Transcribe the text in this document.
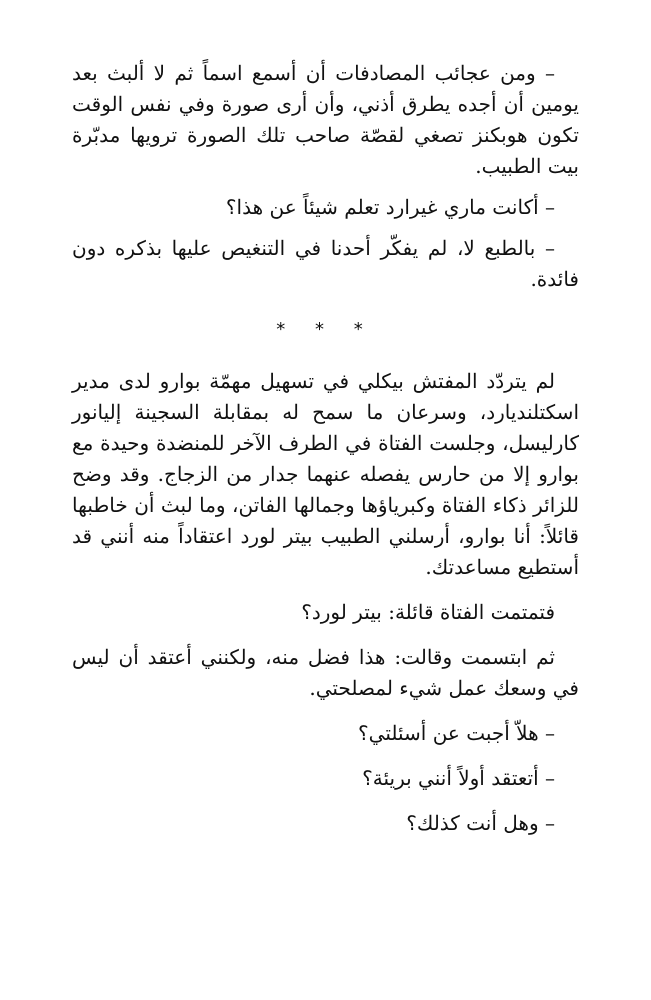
– ومن عجائب المصادفات أن أسمع اسماً ثم لا ألبث بعد يومين أن أجده يطرق أذني، وأن أرى صورة وفي نفس الوقت تكون هوبكنز تصغي لقصّة صاحب تلك الصورة ترويها مدبّرة بيت الطبيب.

– أكانت ماري غيرارد تعلم شيئاً عن هذا؟

– بالطبع لا، لم يفكّر أحدنا في التنغيص عليها بذكره دون فائدة.

* * *

لم يتردّد المفتش بيكلي في تسهيل مهمّة بوارو لدى مدير اسكتلنديارد، وسرعان ما سمح له بمقابلة السجينة إليانور كارليسل، وجلست الفتاة في الطرف الآخر للمنضدة وحيدة مع بوارو إلا من حارس يفصله عنهما جدار من الزجاج. وقد وضح للزائر ذكاء الفتاة وكبرياؤها وجمالها الفاتن، وما لبث أن خاطبها قائلاً: أنا بوارو، أرسلني الطبيب بيتر لورد اعتقاداً منه أنني قد أستطيع مساعدتك.

فتمتمت الفتاة قائلة: بيتر لورد؟

ثم ابتسمت وقالت: هذا فضل منه، ولكنني أعتقد أن ليس في وسعك عمل شيء لمصلحتي.

– هلاّ أجبت عن أسئلتي؟

– أتعتقد أولاً أنني بريئة؟

– وهل أنت كذلك؟
